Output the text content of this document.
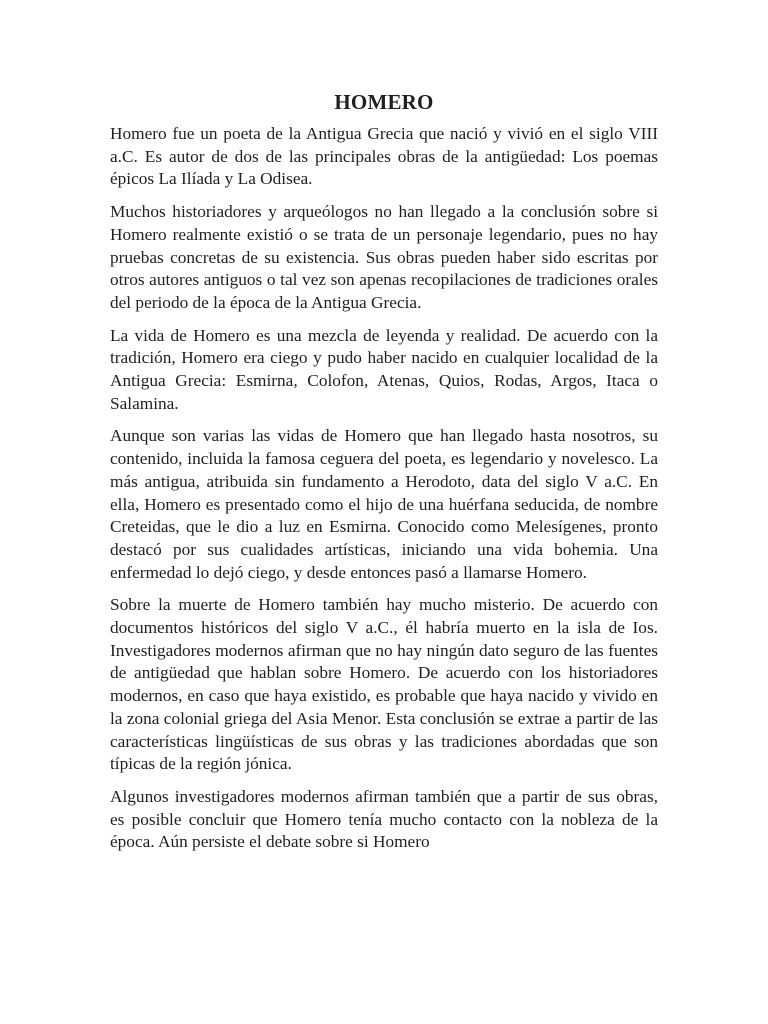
HOMERO

Homero fue un poeta de la Antigua Grecia que nació y vivió en el siglo VIII a.C. Es autor de dos de las principales obras de la antigüedad: Los poemas épicos La Ilíada y La Odisea.

Muchos historiadores y arqueólogos no han llegado a la conclusión sobre si Homero realmente existió o se trata de un personaje legendario, pues no hay pruebas concretas de su existencia. Sus obras pueden haber sido escritas por otros autores antiguos o tal vez son apenas recopilaciones de tradiciones orales del periodo de la época de la Antigua Grecia.

La vida de Homero es una mezcla de leyenda y realidad. De acuerdo con la tradición, Homero era ciego y pudo haber nacido en cualquier localidad de la Antigua Grecia: Esmirna, Colofon, Atenas, Quios, Rodas, Argos, Itaca o Salamina.

Aunque son varias las vidas de Homero que han llegado hasta nosotros, su contenido, incluida la famosa ceguera del poeta, es legendario y novelesco. La más antigua, atribuida sin fundamento a Herodoto, data del siglo V a.C. En ella, Homero es presentado como el hijo de una huérfana seducida, de nombre Creteidas, que le dio a luz en Esmirna. Conocido como Melesígenes, pronto destacó por sus cualidades artísticas, iniciando una vida bohemia. Una enfermedad lo dejó ciego, y desde entonces pasó a llamarse Homero.

Sobre la muerte de Homero también hay mucho misterio. De acuerdo con documentos históricos del siglo V a.C., él habría muerto en la isla de Ios. Investigadores modernos afirman que no hay ningún dato seguro de las fuentes de antigüedad que hablan sobre Homero. De acuerdo con los historiadores modernos, en caso que haya existido, es probable que haya nacido y vivido en la zona colonial griega del Asia Menor. Esta conclusión se extrae a partir de las características lingüísticas de sus obras y las tradiciones abordadas que son típicas de la región jónica.

Algunos investigadores modernos afirman también que a partir de sus obras, es posible concluir que Homero tenía mucho contacto con la nobleza de la época. Aún persiste el debate sobre si Homero
